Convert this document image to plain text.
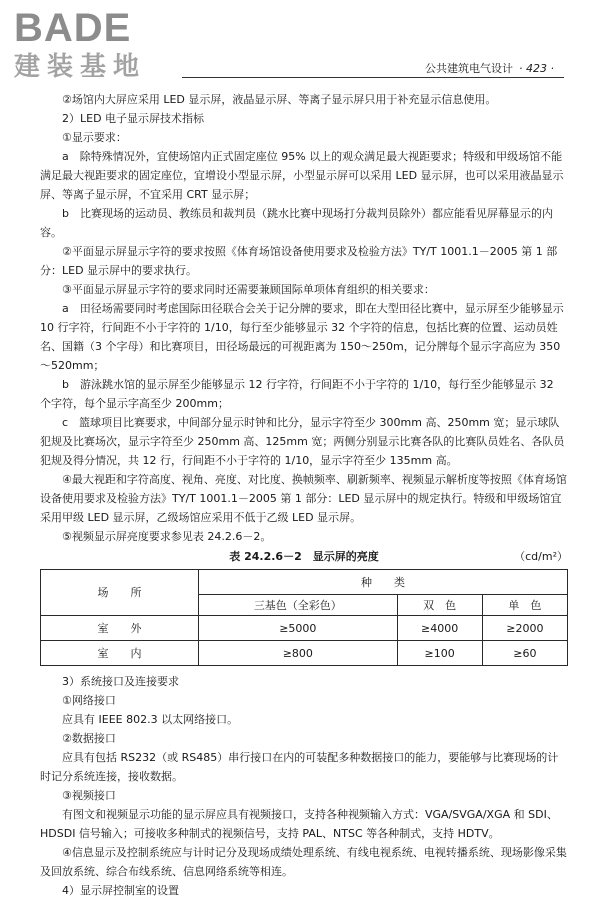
BADE
建装基地	公共建筑电气设计 · 423 ·

②场馆内大屏应采用 LED 显示屏，液晶显示屏、等离子显示屏只用于补充显示信息使用。

2）LED 电子显示屏技术指标

①显示要求：

a　除特殊情况外，宜使场馆内正式固定座位 95% 以上的观众满足最大视距要求；特级和甲级场馆不能满足最大视距要求的固定座位，宜增设小型显示屏，小型显示屏可以采用 LED 显示屏，也可以采用液晶显示屏、等离子显示屏，不宜采用 CRT 显示屏；

b　比赛现场的运动员、教练员和裁判员（跳水比赛中现场打分裁判员除外）都应能看见屏幕显示的内容。

②平面显示屏显示字符的要求按照《体育场馆设备使用要求及检验方法》TY/T 1001.1－2005 第 1 部分：LED 显示屏中的要求执行。

③平面显示屏显示字符的要求同时还需要兼顾国际单项体育组织的相关要求：

a　田径场需要同时考虑国际田径联合会关于记分牌的要求，即在大型田径比赛中，显示屏至少能够显示 10 行字符，行间距不小于字符的 1/10，每行至少能够显示 32 个字符的信息，包括比赛的位置、运动员姓名、国籍（3 个字母）和比赛项目，田径场最远的可视距离为 150～250m，记分牌每个显示字高应为 350～520mm；

b　游泳跳水馆的显示屏至少能够显示 12 行字符，行间距不小于字符的 1/10，每行至少能够显示 32 个字符，每个显示字高至少 200mm；

c　篮球项目比赛要求，中间部分显示时钟和比分，显示字符至少 300mm 高、250mm 宽；显示球队犯规及比赛场次，显示字符至少 250mm 高、125mm 宽；两侧分别显示比赛各队的比赛队员姓名、各队员犯规及得分情况，共 12 行，行间距不小于字符的 1/10，显示字符至少 135mm 高。

④最大视距和字符高度、视角、亮度、对比度、换帧频率、刷新频率、视频显示解析度等按照《体育场馆设备使用要求及检验方法》TY/T 1001.1－2005 第 1 部分：LED 显示屏中的规定执行。特级和甲级场馆宜采用甲级 LED 显示屏，乙级场馆应采用不低于乙级 LED 显示屏。

⑤视频显示屏亮度要求参见表 24.2.6－2。

表 24.2.6－2　显示屏的亮度	（cd/m²）
场　　所	种　　类		
	三基色（全彩色）	双　色	单　色
室　　外	≥5000	≥4000	≥2000
室　　内	≥800	≥100	≥60

3）系统接口及连接要求

①网络接口

应具有 IEEE 802.3 以太网络接口。

②数据接口

应具有包括 RS232（或 RS485）串行接口在内的可装配多种数据接口的能力，要能够与比赛现场的计时记分系统连接，接收数据。

③视频接口

有图文和视频显示功能的显示屏应具有视频接口，支持各种视频输入方式：VGA/SVGA/XGA 和 SDI、HDSDI 信号输入；可接收多种制式的视频信号，支持 PAL、NTSC 等各种制式，支持 HDTV。

④信息显示及控制系统应与计时记分及现场成绩处理系统、有线电视系统、电视转播系统、现场影像采集及回放系统、综合布线系统、信息网络系统等相连。

4）显示屏控制室的设置
